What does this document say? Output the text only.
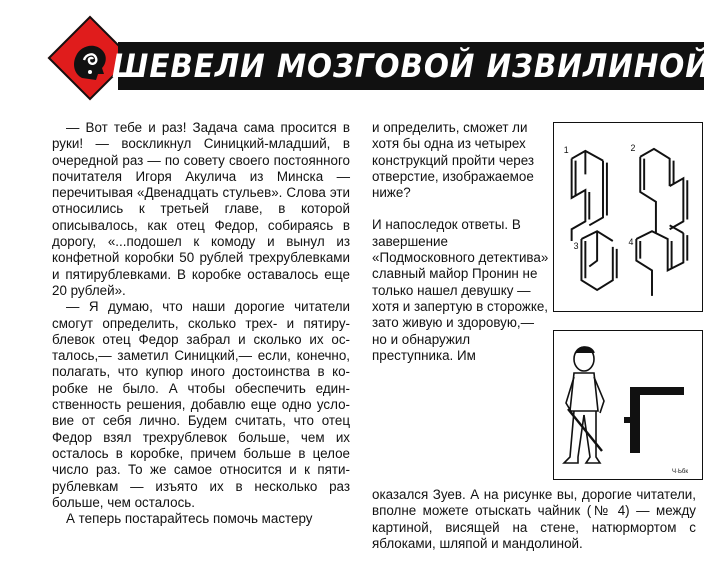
ШЕВЕЛИ МОЗГОВОЙ ИЗВИЛИНОЙ

— Вот тебе и раз! Задача сама просится в руки! — воскликнул Синицкий-младший, в очередной раз — по совету своего постоянного почитателя Игоря Акулича из Минска — перечитывая «Двенадцать стульев». Слова эти относились к третьей главе, в которой описывалось, как отец Федор, собираясь в дорогу, «...подошел к комоду и вынул из конфетной коробки 50 рублей трехрублевками и пятирублевками. В коробке оставалось еще 20 рублей».

— Я думаю, что наши дорогие читатели смогут определить, сколько трех- и пятирублевок отец Федор забрал и сколько их осталось,— заметил Синицкий,— если, конечно, полагать, что купюр иного достоинства в коробке не было. А чтобы обеспечить единственность решения, добавлю еще одно условие от себя лично. Будем считать, что отец Федор взял трехрублевок больше, чем их осталось в коробке, причем больше в целое число раз. То же самое относится и к пятирублевкам — изъято их в несколько раз больше, чем осталось.

А теперь постарайтесь помочь мастеру

и определить, сможет ли хотя бы одна из четырех конструкций пройти через отверстие, изображаемое ниже?

И напоследок ответы. В завершение «Подмосковного детектива» славный майор Пронин не только нашел девушку — хотя и запертую в сторожке, зато живую и здоровую,— но и обнаружил преступника. Им

оказался Зуев. А на рисунке вы, дорогие читатели, вполне можете отыскать чайник (№ 4) — между картиной, висящей на стене, натюрмортом с яблоками, шляпой и мандолиной.
1	2
3	4
Ч·Ьбк
